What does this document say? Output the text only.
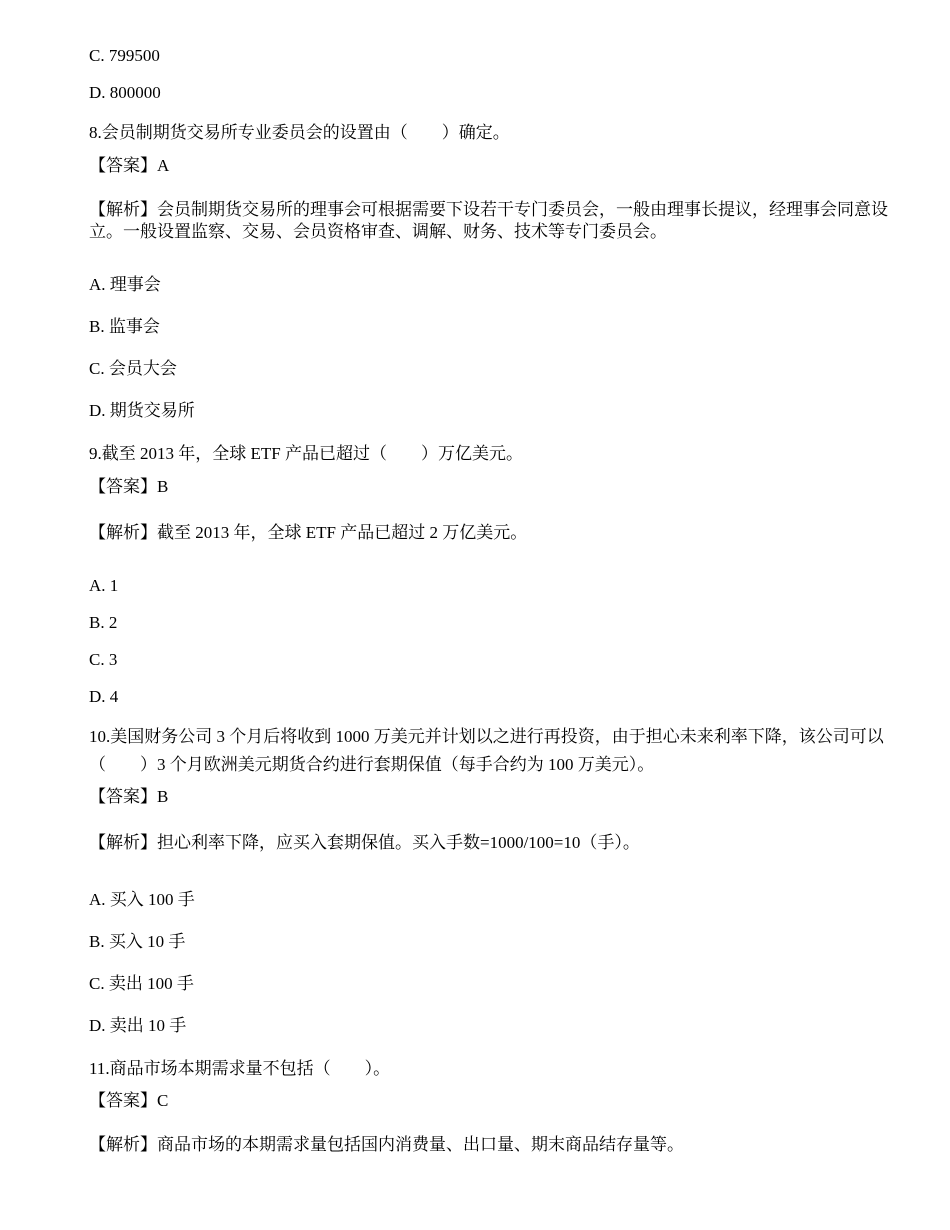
C. 799500
D. 800000
8.会员制期货交易所专业委员会的设置由（　　）确定。
【答案】A
【解析】会员制期货交易所的理事会可根据需要下设若干专门委员会，一般由理事长提议，经理事会同意设立。一般设置监察、交易、会员资格审查、调解、财务、技术等专门委员会。
A. 理事会
B. 监事会
C. 会员大会
D. 期货交易所
9.截至 2013 年，全球 ETF 产品已超过（　　）万亿美元。
【答案】B
【解析】截至 2013 年，全球 ETF 产品已超过 2 万亿美元。
A. 1
B. 2
C. 3
D. 4
10.美国财务公司 3 个月后将收到 1000 万美元并计划以之进行再投资，由于担心未来利率下降，该公司可以（　　）3 个月欧洲美元期货合约进行套期保值（每手合约为 100 万美元）。
【答案】B
【解析】担心利率下降，应买入套期保值。买入手数=1000/100=10（手）。
A. 买入 100 手
B. 买入 10 手
C. 卖出 100 手
D. 卖出 10 手
11.商品市场本期需求量不包括（　　）。
【答案】C
【解析】商品市场的本期需求量包括国内消费量、出口量、期末商品结存量等。
